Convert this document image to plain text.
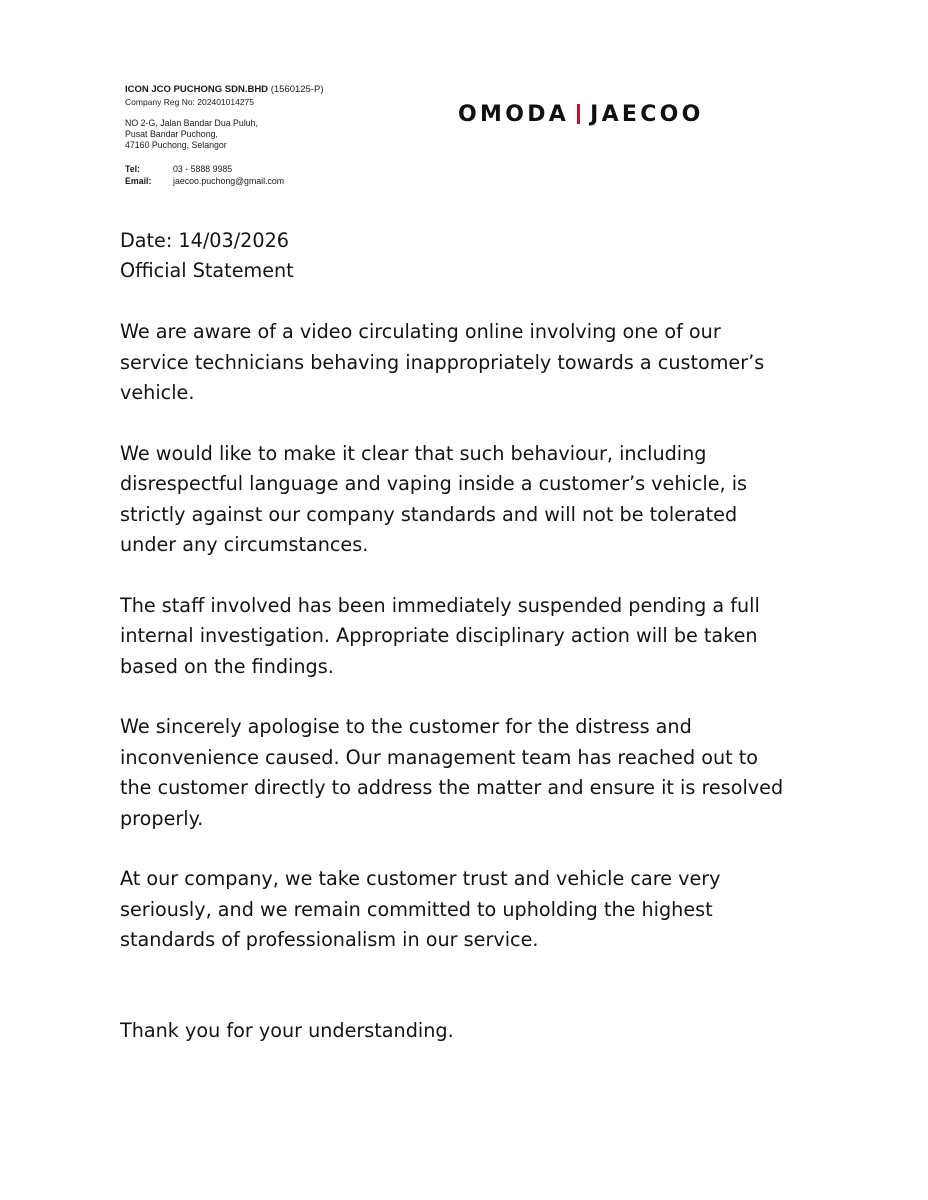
ICON JCO PUCHONG SDN.BHD (1560125-P)
Company Reg No: 202401014275
NO 2-G, Jalan Bandar Dua Puluh,
Pusat Bandar Puchong,
47160 Puchong, Selangor
Tel:	03 - 5888 9985
Email:	jaecoo.puchong@gmail.com
OMODA JAECOO
Date: 14/03/2026
Official Statement
We are aware of a video circulating online involving one of our
service technicians behaving inappropriately towards a customer’s
vehicle.
We would like to make it clear that such behaviour, including
disrespectful language and vaping inside a customer’s vehicle, is
strictly against our company standards and will not be tolerated
under any circumstances.
The staff involved has been immediately suspended pending a full
internal investigation. Appropriate disciplinary action will be taken
based on the findings.
We sincerely apologise to the customer for the distress and
inconvenience caused. Our management team has reached out to
the customer directly to address the matter and ensure it is resolved
properly.
At our company, we take customer trust and vehicle care very
seriously, and we remain committed to upholding the highest
standards of professionalism in our service.
Thank you for your understanding.
